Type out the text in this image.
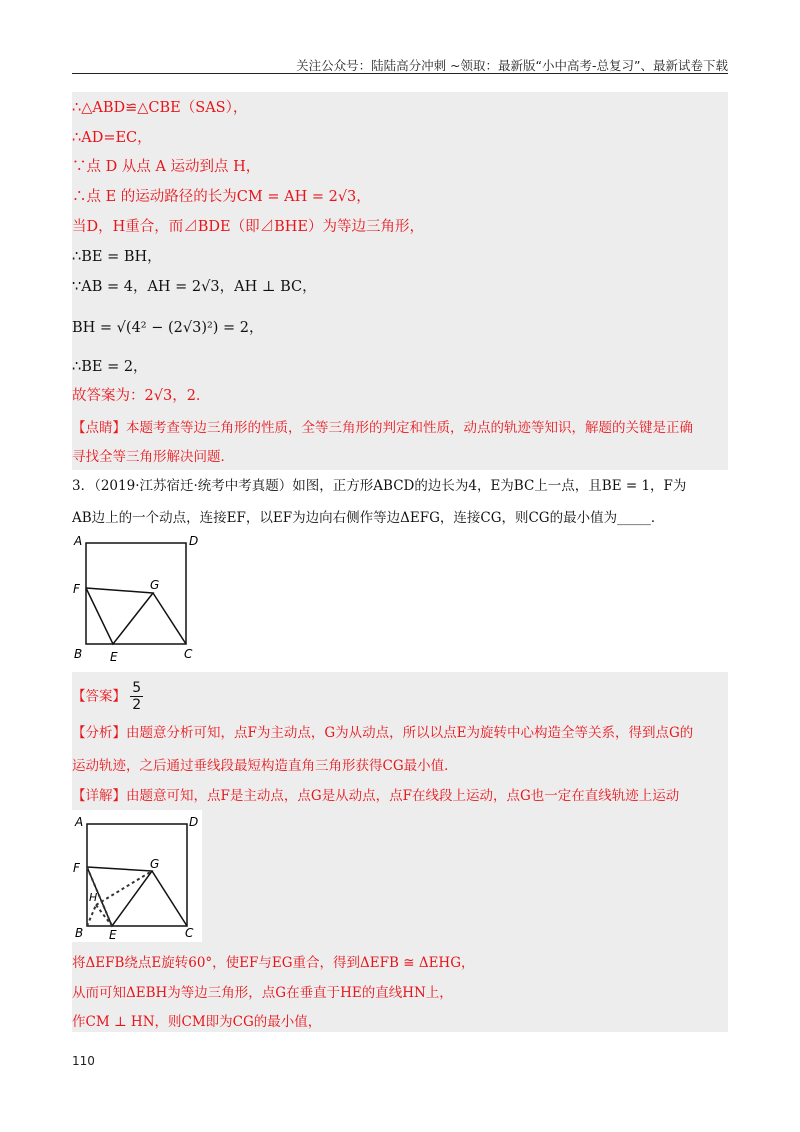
关注公众号：陆陆高分冲刺 ~领取：最新版“小中高考-总复习”、最新试卷下载
∴△ABD≌△CBE（SAS），
∴AD=EC，
∵点 D 从点 A 运动到点 H，
∴点 E 的运动路径的长为CM = AH = 2√3，
当D，H重合，而⊿BDE（即⊿BHE）为等边三角形，
∴BE = BH，
∵AB = 4，AH = 2√3，AH ⊥ BC，
BH = √(4² − (2√3)²) = 2，
∴BE = 2，
故答案为：2√3，2．
【点睛】本题考查等边三角形的性质，全等三角形的判定和性质，动点的轨迹等知识，解题的关键是正确
寻找全等三角形解决问题．
3．（2019·江苏宿迁·统考中考真题）如图，正方形ABCD的边长为4，E为BC上一点，且BE = 1，F为
AB边上的一个动点，连接EF，以EF为边向右侧作等边ΔEFG，连接CG，则CG的最小值为_____．
A	D
F	G
B E	C
【答案】 $\frac{5}{2}$
【分析】由题意分析可知，点F为主动点，G为从动点，所以以点E为旋转中心构造全等关系，得到点G的
运动轨迹，之后通过垂线段最短构造直角三角形获得CG最小值．
【详解】由题意可知，点F是主动点，点G是从动点，点F在线段上运动，点G也一定在直线轨迹上运动
A	D
F	G
H
B E	C
将ΔEFB绕点E旋转60°，使EF与EG重合，得到ΔEFB ≅ ΔEHG，
从而可知ΔEBH为等边三角形，点G在垂直于HE的直线HN上，
作CM ⊥ HN，则CM即为CG的最小值，
110
